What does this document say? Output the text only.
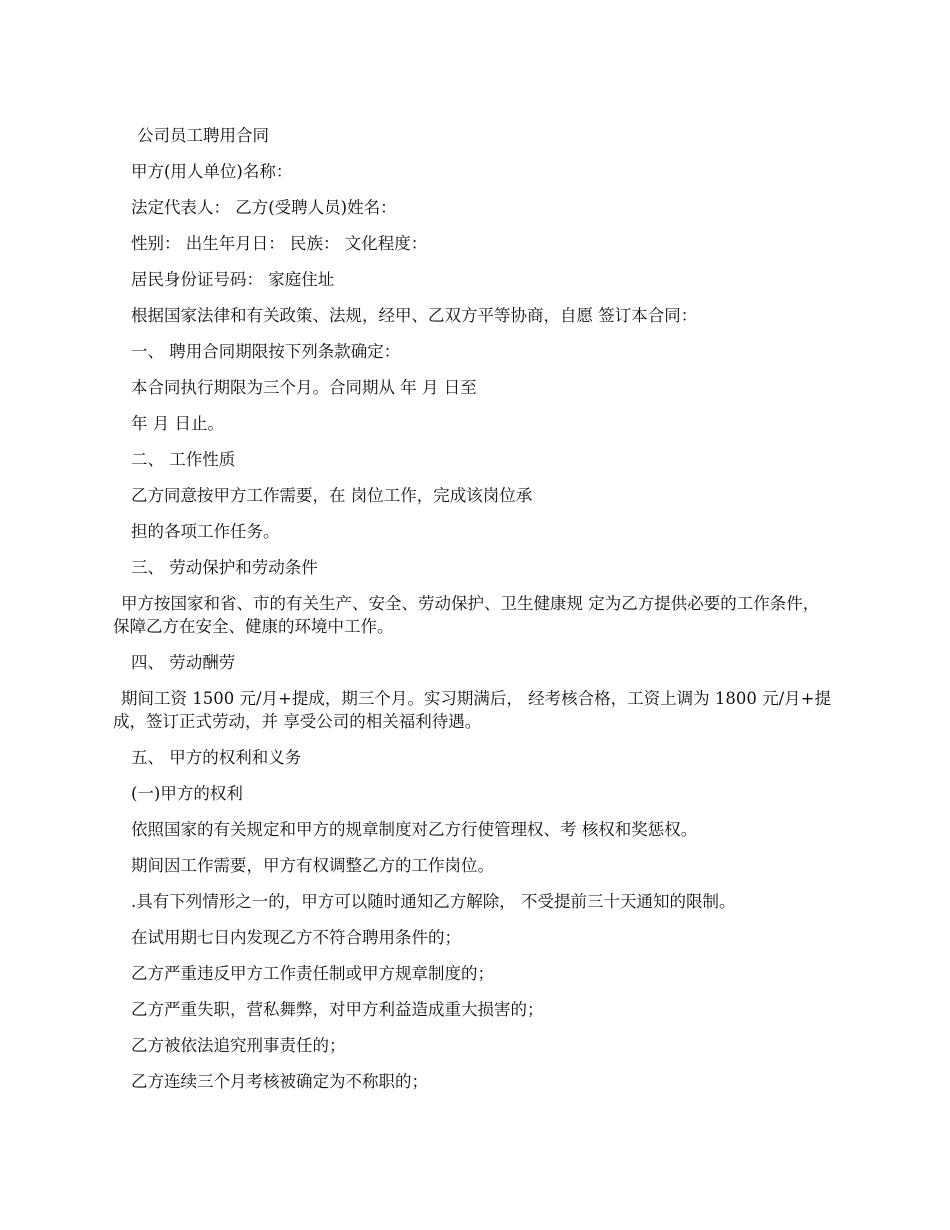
公司员工聘用合同
甲方(用人单位)名称：
法定代表人： 乙方(受聘人员)姓名：
性别： 出生年月日： 民族： 文化程度：
居民身份证号码： 家庭住址
根据国家法律和有关政策、法规，经甲、乙双方平等协商，自愿 签订本合同：
一、 聘用合同期限按下列条款确定：
本合同执行期限为三个月。合同期从 年 月 日至
年 月 日止。
二、 工作性质
乙方同意按甲方工作需要，在 岗位工作，完成该岗位承
担的各项工作任务。
三、 劳动保护和劳动条件
甲方按国家和省、市的有关生产、安全、劳动保护、卫生健康规 定为乙方提供必要的工作条件，保障乙方在安全、健康的环境中工作。
四、 劳动酬劳
期间工资 1500 元/月+提成，期三个月。实习期满后， 经考核合格，工资上调为 1800 元/月+提成，签订正式劳动，并 享受公司的相关福利待遇。
五、 甲方的权利和义务
(一)甲方的权利
依照国家的有关规定和甲方的规章制度对乙方行使管理权、考 核权和奖惩权。
期间因工作需要，甲方有权调整乙方的工作岗位。
.具有下列情形之一的，甲方可以随时通知乙方解除， 不受提前三十天通知的限制。
在试用期七日内发现乙方不符合聘用条件的；
乙方严重违反甲方工作责任制或甲方规章制度的；
乙方严重失职，营私舞弊，对甲方利益造成重大损害的；
乙方被依法追究刑事责任的；
乙方连续三个月考核被确定为不称职的；
